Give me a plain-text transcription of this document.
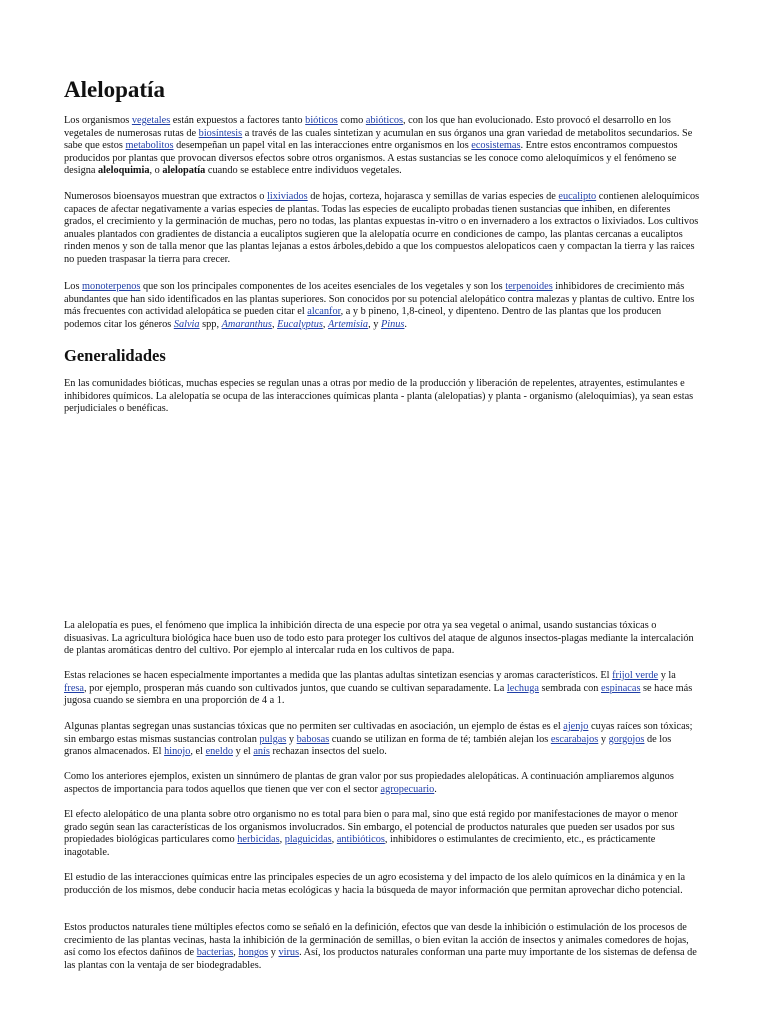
Alelopatía

Los organismos vegetales están expuestos a factores tanto bióticos como abióticos, con los que han evolucionado. Esto provocó el desarrollo en los vegetales de numerosas rutas de biosíntesis a través de las cuales sintetizan y acumulan en sus órganos una gran variedad de metabolitos secundarios. Se sabe que estos metabolitos desempeñan un papel vital en las interacciones entre organismos en los ecosistemas. Entre estos encontramos compuestos producidos por plantas que provocan diversos efectos sobre otros organismos. A estas sustancias se les conoce como aleloquímicos y el fenómeno se designa aleloquimia, o alelopatía cuando se establece entre individuos vegetales.

Numerosos bioensayos muestran que extractos o lixiviados de hojas, corteza, hojarasca y semillas de varias especies de eucalipto contienen aleloquímicos capaces de afectar negativamente a varias especies de plantas. Todas las especies de eucalipto probadas tienen sustancias que inhiben, en diferentes grados, el crecimiento y la germinación de muchas, pero no todas, las plantas expuestas in-vitro o en invernadero a los extractos o lixiviados. Los cultivos anuales plantados con gradientes de distancia a eucaliptos sugieren que la alelopatía ocurre en condiciones de campo, las plantas cercanas a eucaliptos rinden menos y son de talla menor que las plantas lejanas a estos árboles,debido a que los compuestos alelopaticos caen y compactan la tierra y las raices no pueden traspasar la tierra para crecer.

Los monoterpenos que son los principales componentes de los aceites esenciales de los vegetales y son los terpenoides inhibidores de crecimiento más abundantes que han sido identificados en las plantas superiores. Son conocidos por su potencial alelopático contra malezas y plantas de cultivo. Entre los más frecuentes con actividad alelopática se pueden citar el alcanfor, a y b pineno, 1,8-cineol, y dipenteno. Dentro de las plantas que los producen podemos citar los géneros Salvia spp, Amaranthus, Eucalyptus, Artemisia, y Pinus.

Generalidades

En las comunidades bióticas, muchas especies se regulan unas a otras por medio de la producción y liberación de repelentes, atrayentes, estimulantes e inhibidores químicos. La alelopatía se ocupa de las interacciones químicas planta - planta (alelopatias) y planta - organismo (aleloquimias), ya sean estas perjudiciales o benéficas.

La alelopatía es pues, el fenómeno que implica la inhibición directa de una especie por otra ya sea vegetal o animal, usando sustancias tóxicas o disuasivas. La agricultura biológica hace buen uso de todo esto para proteger los cultivos del ataque de algunos insectos-plagas mediante la intercalación de plantas aromáticas dentro del cultivo. Por ejemplo al intercalar ruda en los cultivos de papa.

Estas relaciones se hacen especialmente importantes a medida que las plantas adultas sintetizan esencias y aromas característicos. El frijol verde y la fresa, por ejemplo, prosperan más cuando son cultivados juntos, que cuando se cultivan separadamente. La lechuga sembrada con espinacas se hace más jugosa cuando se siembra en una proporción de 4 a 1.

Algunas plantas segregan unas sustancias tóxicas que no permiten ser cultivadas en asociación, un ejemplo de éstas es el ajenjo cuyas raíces son tóxicas; sin embargo estas mismas sustancias controlan pulgas y babosas cuando se utilizan en forma de té; también alejan los escarabajos y gorgojos de los granos almacenados. El hinojo, el eneldo y el anís rechazan insectos del suelo.

Como los anteriores ejemplos, existen un sinnúmero de plantas de gran valor por sus propiedades alelopáticas. A continuación ampliaremos algunos aspectos de importancia para todos aquellos que tienen que ver con el sector agropecuario.

El efecto alelopático de una planta sobre otro organismo no es total para bien o para mal, sino que está regido por manifestaciones de mayor o menor grado según sean las características de los organismos involucrados. Sin embargo, el potencial de productos naturales que pueden ser usados por sus propiedades biológicas particulares como herbicidas, plaguicidas, antibióticos, inhibidores o estimulantes de crecimiento, etc., es prácticamente inagotable.

El estudio de las interacciones químicas entre las principales especies de un agro ecosistema y del impacto de los alelo químicos en la dinámica y en la producción de los mismos, debe conducir hacia metas ecológicas y hacia la búsqueda de mayor información que permitan aprovechar dicho potencial.

Estos productos naturales tiene múltiples efectos como se señaló en la definición, efectos que van desde la inhibición o estimulación de los procesos de crecimiento de las plantas vecinas, hasta la inhibición de la germinación de semillas, o bien evitan la acción de insectos y animales comedores de hojas, así como los efectos dañinos de bacterias, hongos y virus. Así, los productos naturales conforman una parte muy importante de los sistemas de defensa de las plantas con la ventaja de ser biodegradables.
